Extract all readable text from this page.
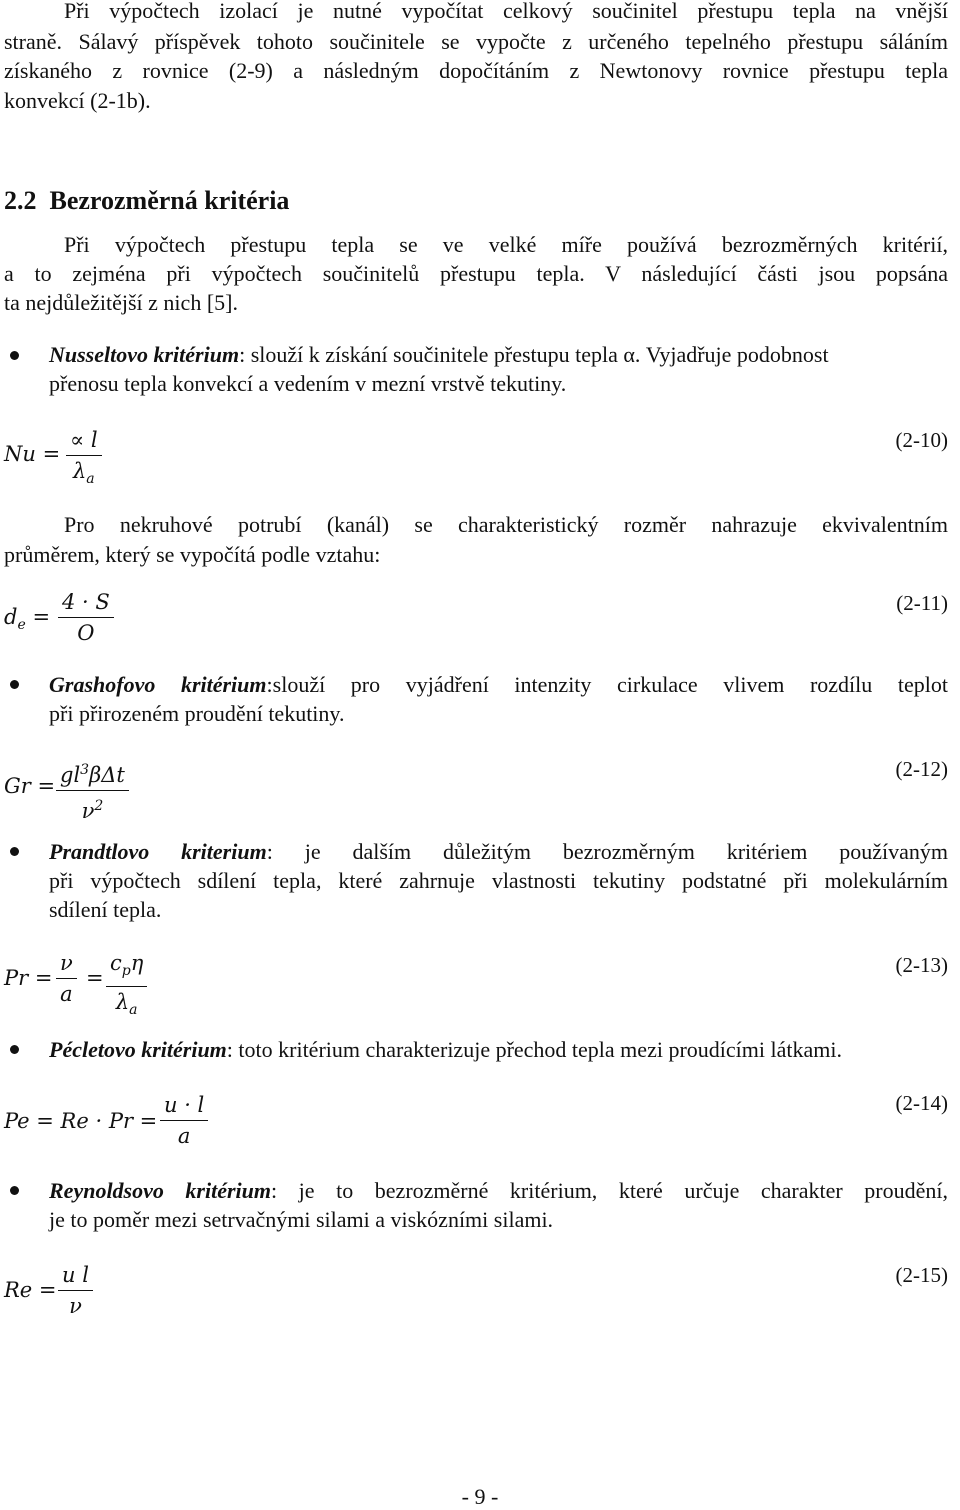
Při výpočtech izolací je nutné vypočítat celkový součinitel přestupu tepla na vnější
straně. Sálavý příspěvek tohoto součinitele se vypočte z určeného tepelného přestupu sáláním
získaného z rovnice (2-9) a následným dopočítáním z Newtonovy rovnice přestupu tepla
konvekcí (2-1b).
2.2 Bezrozměrná kritéria
Při výpočtech přestupu tepla se ve velké míře používá bezrozměrných kritérií,
a to zejména při výpočtech součinitelů přestupu tepla. V následující části jsou popsána
ta nejdůležitější z nich [5].
Nusseltovo kritérium: slouží k získání součinitele přestupu tepla α. Vyjadřuje podobnost
přenosu tepla konvekcí a vedením v mezní vrstvě tekutiny.
Nu =
∝ l
$\lambda_a$
(2-10)
Pro nekruhové potrubí (kanál) se charakteristický rozměr nahrazuje ekvivalentním
průměrem, který se vypočítá podle vztahu:
$d_e$ =
4 · S
O
(2-11)
Grashofovo kritérium:slouží pro vyjádření intenzity cirkulace vlivem rozdílu teplot
při přirozeném proudění tekutiny.
$Gr = gl^3\beta\Delta t$
$\nu^2$
(2-12)
Prandtlovo kriterium: je dalším důležitým bezrozměrným kritériem používaným
při výpočtech sdílení tepla, které zahrnuje vlastnosti tekutiny podstatné při molekulárním
sdílení tepla.
Pr =
ν
a
=
$c_p\eta$
$\lambda_a$
(2-13)
Pécletovo kritérium: toto kritérium charakterizuje přechod tepla mezi proudícími látkami.
Pe = Re · Pr =
u · l
a
(2-14)
Reynoldsovo kritérium: je to bezrozměrné kritérium, které určuje charakter proudění,
je to poměr mezi setrvačnými silami a viskózními silami.
Re =
u l
ν
(2-15)
- 9 -
